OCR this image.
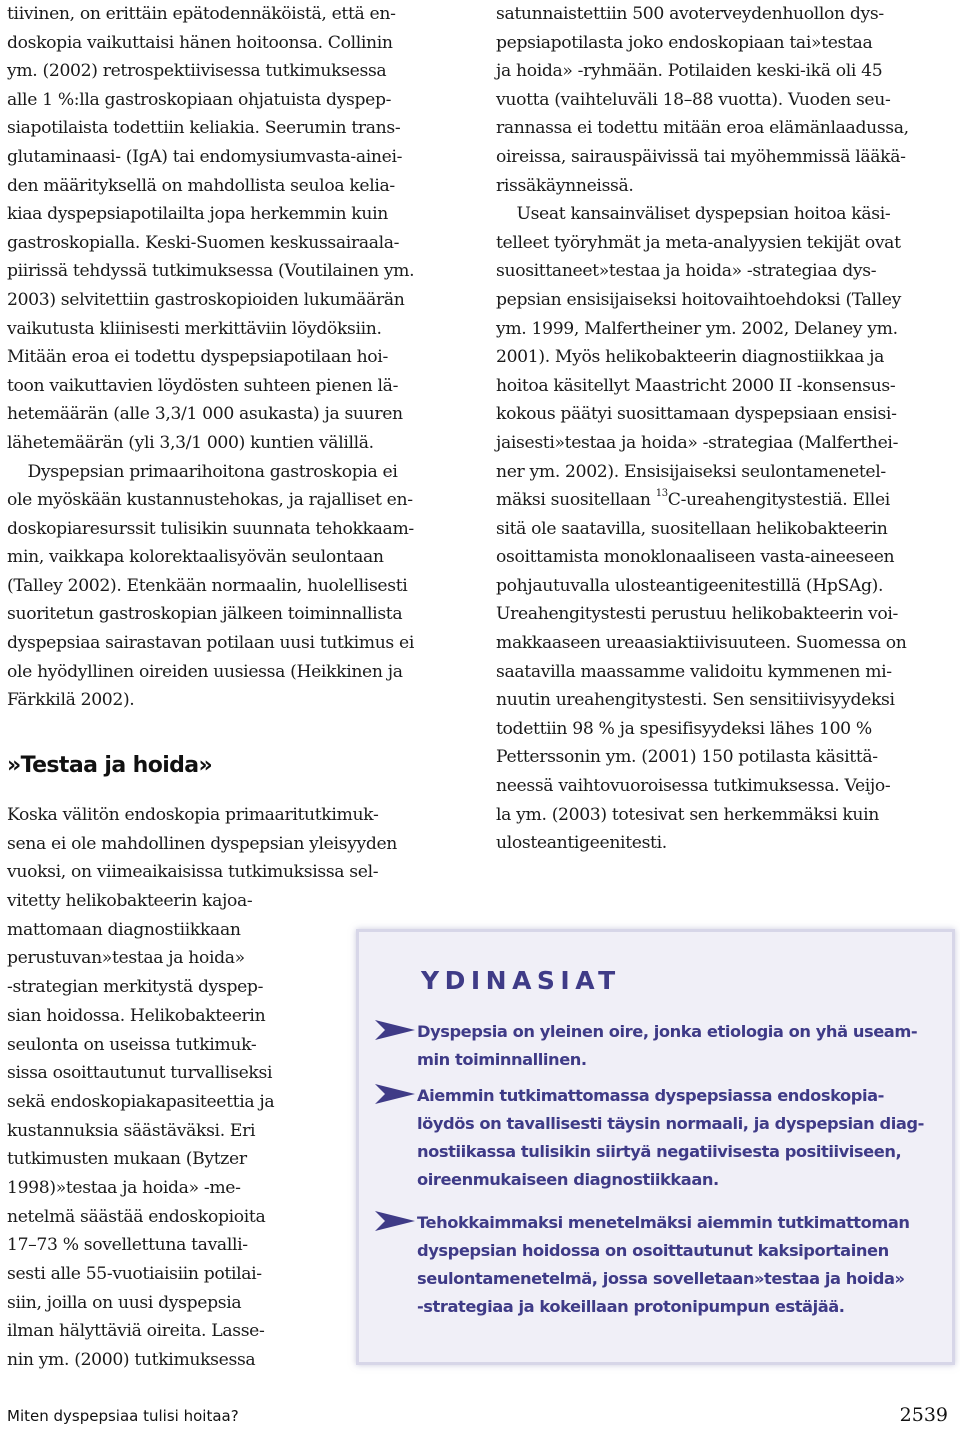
tiivinen, on erittäin epätodennäköistä, että en-
doskopia vaikuttaisi hänen hoitoonsa. Collinin
ym. (2002) retrospektiivisessa tutkimuksessa
alle 1 %:lla gastroskopiaan ohjatuista dyspep-
siapotilaista todettiin keliakia. Seerumin trans-
glutaminaasi- (IgA) tai endomysiumvasta-ainei-
den määrityksellä on mahdollista seuloa kelia-
kiaa dyspepsiapotilailta jopa herkemmin kuin
gastroskopialla. Keski-Suomen keskussairaala-
piirissä tehdyssä tutkimuksessa (Voutilainen ym.
2003) selvitettiin gastroskopioiden lukumäärän
vaikutusta kliinisesti merkittäviin löydöksiin.
Mitään eroa ei todettu dyspepsiapotilaan hoi-
toon vaikuttavien löydösten suhteen pienen lä-
hetemäärän (alle 3,3/1 000 asukasta) ja suuren
lähetemäärän (yli 3,3/1 000) kuntien välillä.
Dyspepsian primaarihoitona gastroskopia ei
ole myöskään kustannustehokas, ja rajalliset en-
doskopiaresurssit tulisikin suunnata tehokkaam-
min, vaikkapa kolorektaalisyövän seulontaan
(Talley 2002). Etenkään normaalin, huolellisesti
suoritetun gastroskopian jälkeen toiminnallista
dyspepsiaa sairastavan potilaan uusi tutkimus ei
ole hyödyllinen oireiden uusiessa (Heikkinen ja
Färkkilä 2002).
»Testaa ja hoida»
Koska välitön endoskopia primaaritutkimuk-
sena ei ole mahdollinen dyspepsian yleisyyden
vuoksi, on viimeaikaisissa tutkimuksissa sel-
vitetty helikobakteerin kajoa-
mattomaan diagnostiikkaan
perustuvan»testaa ja hoida»
-strategian merkitystä dyspep-
sian hoidossa. Helikobakteerin
seulonta on useissa tutkimuk-
sissa osoittautunut turvalliseksi
sekä endoskopiakapasiteettia ja
kustannuksia säästäväksi. Eri
tutkimusten mukaan (Bytzer
1998)»testaa ja hoida» -me-
netelmä säästää endoskopioita
17–73 % sovellettuna tavalli-
sesti alle 55-vuotiaisiin potilai-
siin, joilla on uusi dyspepsia
ilman hälyttäviä oireita. Lasse-
nin ym. (2000) tutkimuksessa
satunnaistettiin 500 avoterveydenhuollon dys-
pepsiapotilasta joko endoskopiaan tai»testaa
ja hoida» -ryhmään. Potilaiden keski-ikä oli 45
vuotta (vaihteluväli 18–88 vuotta). Vuoden seu-
rannassa ei todettu mitään eroa elämänlaadussa,
oireissa, sairauspäivissä tai myöhemmissä lääkä-
rissäkäynneissä.
Useat kansainväliset dyspepsian hoitoa käsi-
telleet työryhmät ja meta-analyysien tekijät ovat
suosittaneet»testaa ja hoida» -strategiaa dys-
pepsian ensisijaiseksi hoitovaihtoehdoksi (Talley
ym. 1999, Malfertheiner ym. 2002, Delaney ym.
2001). Myös helikobakteerin diagnostiikkaa ja
hoitoa käsitellyt Maastricht 2000 II -konsensus-
kokous päätyi suosittamaan dyspepsiaan ensisi-
jaisesti»testaa ja hoida» -strategiaa (Malferthei-
ner ym. 2002). Ensisijaiseksi seulontamenetel-
mäksi suositellaan $^{13}$C-ureahengitystestiä. Ellei
sitä ole saatavilla, suositellaan helikobakteerin
osoittamista monoklonaaliseen vasta-aineeseen
pohjautuvalla ulosteantigeenitestillä (HpSAg).
Ureahengitystesti perustuu helikobakteerin voi-
makkaaseen ureaasiaktiivisuuteen. Suomessa on
saatavilla maassamme validoitu kymmenen mi-
nuutin ureahengitystesti. Sen sensitiivisyydeksi
todettiin 98 % ja spesifisyydeksi lähes 100 %
Petterssonin ym. (2001) 150 potilasta käsittä-
neessä vaihtovuoroisessa tutkimuksessa. Veijo-
la ym. (2003) totesivat sen herkemmäksi kuin
ulosteantigeenitesti.
YDINASIAT
Dyspepsia on yleinen oire, jonka etiologia on yhä useam-
min toiminnallinen.
Aiemmin tutkimattomassa dyspepsiassa endoskopia-
löydös on tavallisesti täysin normaali, ja dyspepsian diag-
nostiikassa tulisikin siirtyä negatiivisesta positiiviseen,
oireenmukaiseen diagnostiikkaan.
Tehokkaimmaksi menetelmäksi aiemmin tutkimattoman
dyspepsian hoidossa on osoittautunut kaksiportainen
seulontamenetelmä, jossa sovelletaan»testaa ja hoida»
-strategiaa ja kokeillaan protonipumpun estäjää.
Miten dyspepsiaa tulisi hoitaa?	2539
